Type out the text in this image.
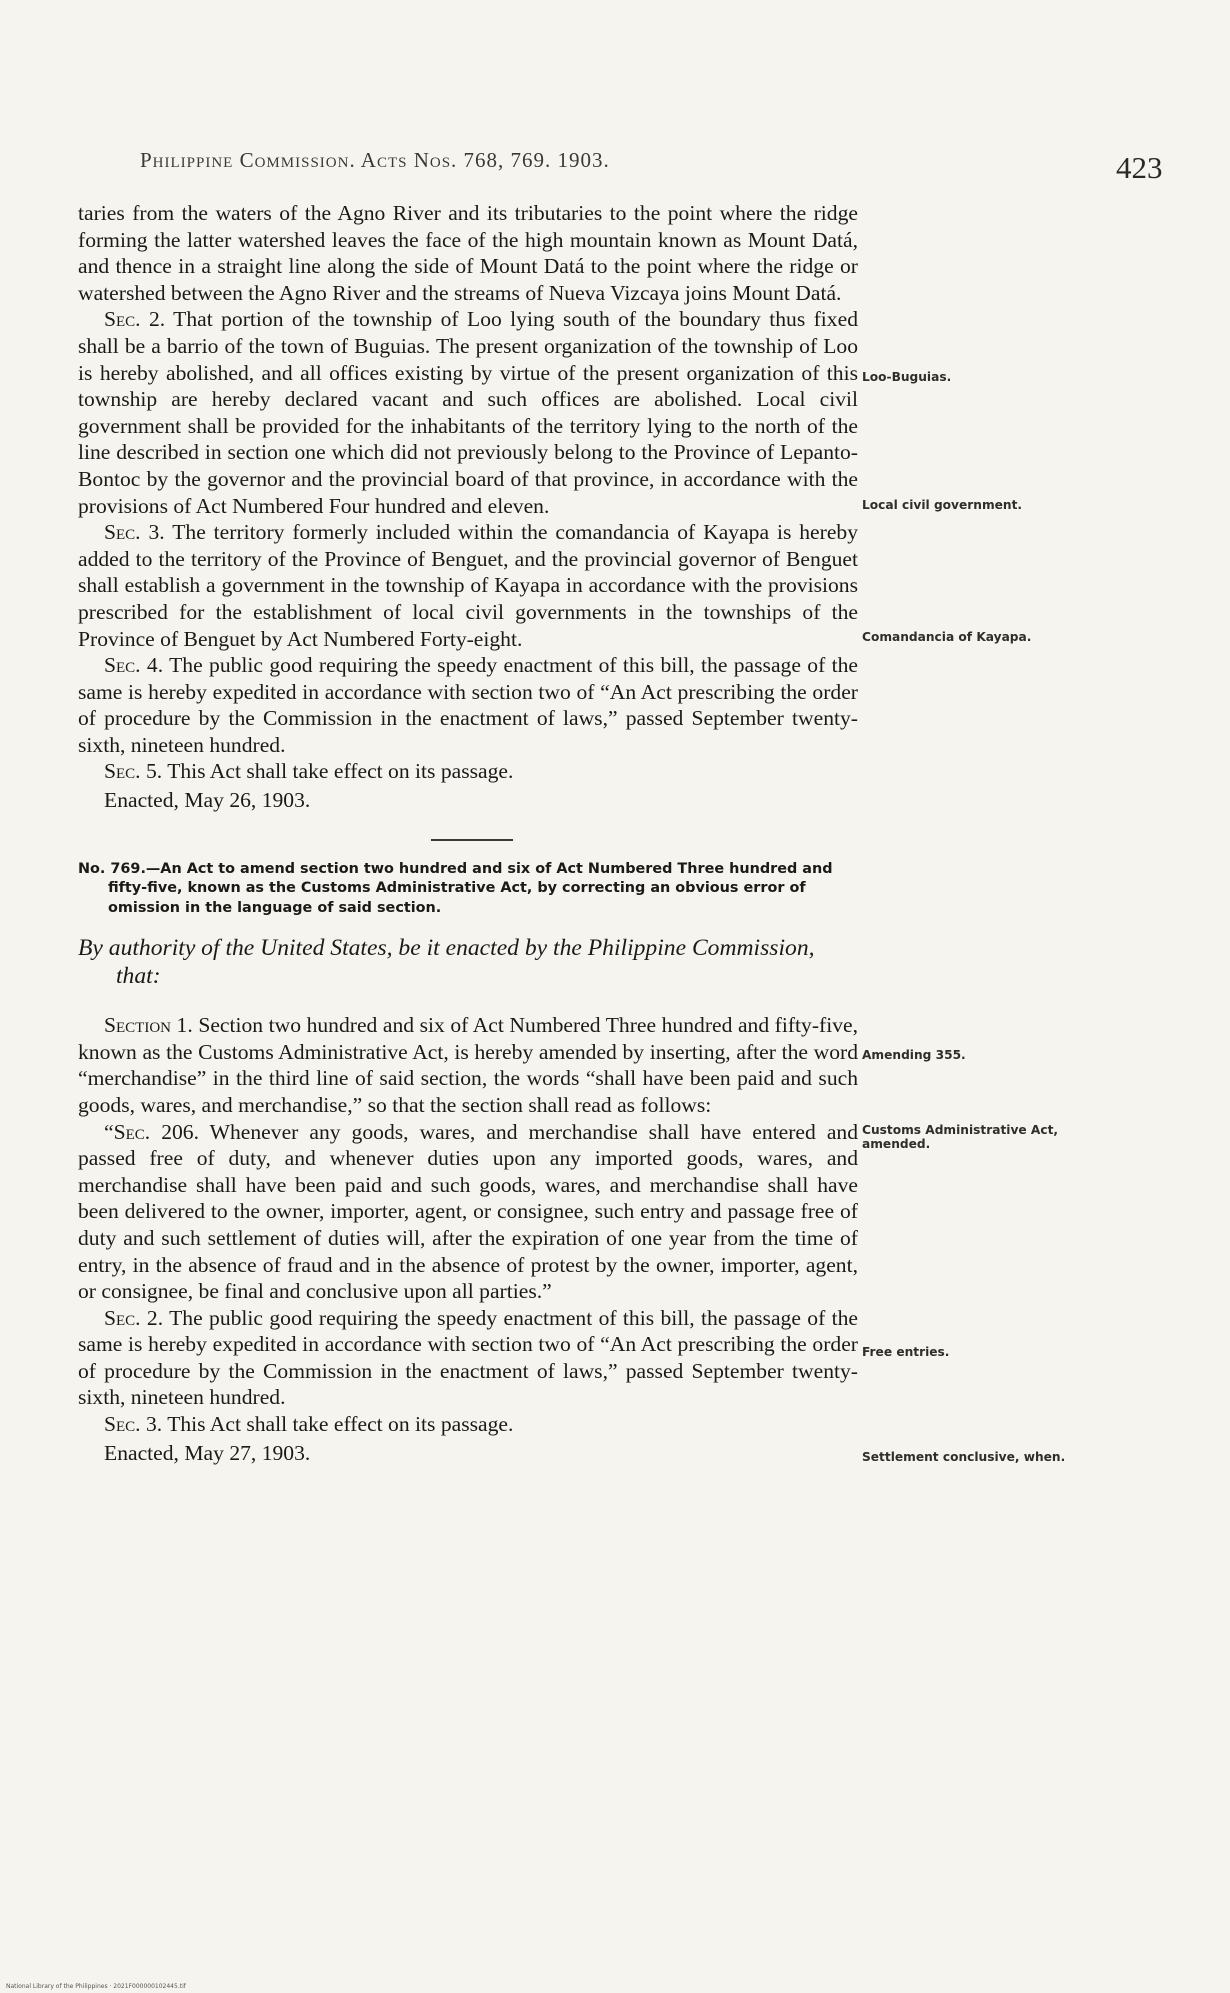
Philippine Commission. Acts Nos. 768, 769. 1903.	423

taries from the waters of the Agno River and its tributaries to the point where the ridge forming the latter watershed leaves the face of the high mountain known as Mount Datá, and thence in a straight line along the side of Mount Datá to the point where the ridge or watershed between the Agno River and the streams of Nueva Vizcaya joins Mount Datá.

Sec. 2. That portion of the township of Loo lying south of the boundary thus fixed shall be a barrio of the town of Buguias. The present organization of the township of Loo is hereby abolished, and all offices existing by virtue of the present organization of this township are hereby declared vacant and such offices are abolished. Local civil government shall be provided for the inhabitants of the territory lying to the north of the line described in section one which did not previously belong to the Province of Lepanto-Bontoc by the governor and the provincial board of that province, in accordance with the provisions of Act Numbered Four hundred and eleven.

Sec. 3. The territory formerly included within the comandancia of Kayapa is hereby added to the territory of the Province of Benguet, and the provincial governor of Benguet shall establish a government in the township of Kayapa in accordance with the provisions prescribed for the establishment of local civil governments in the townships of the Province of Benguet by Act Numbered Forty-eight.

Sec. 4. The public good requiring the speedy enactment of this bill, the passage of the same is hereby expedited in accordance with section two of “An Act prescribing the order of procedure by the Commission in the enactment of laws,” passed September twenty-sixth, nineteen hundred.

Sec. 5. This Act shall take effect on its passage.

Enacted, May 26, 1903.

No. 769.—An Act to amend section two hundred and six of Act Numbered Three hundred and fifty-five, known as the Customs Administrative Act, by correcting an obvious error of omission in the language of said section.

By authority of the United States, be it enacted by the Philippine Commission, that:

Section 1. Section two hundred and six of Act Numbered Three hundred and fifty-five, known as the Customs Administrative Act, is hereby amended by inserting, after the word “merchandise” in the third line of said section, the words “shall have been paid and such goods, wares, and merchandise,” so that the section shall read as follows:

“Sec. 206. Whenever any goods, wares, and merchandise shall have entered and passed free of duty, and whenever duties upon any imported goods, wares, and merchandise shall have been paid and such goods, wares, and merchandise shall have been delivered to the owner, importer, agent, or consignee, such entry and passage free of duty and such settlement of duties will, after the expiration of one year from the time of entry, in the absence of fraud and in the absence of protest by the owner, importer, agent, or consignee, be final and conclusive upon all parties.”

Sec. 2. The public good requiring the speedy enactment of this bill, the passage of the same is hereby expedited in accordance with section two of “An Act prescribing the order of procedure by the Commission in the enactment of laws,” passed September twenty-sixth, nineteen hundred.

Sec. 3. This Act shall take effect on its passage.

Enacted, May 27, 1903.

Loo-Buguias.
Local civil government.
Comandancia of Kayapa.
Amending 355.
Customs Administrative Act, amended.
Free entries.
Settlement conclusive, when.
National Library of the Philippines · 2021F000000102445.tif
